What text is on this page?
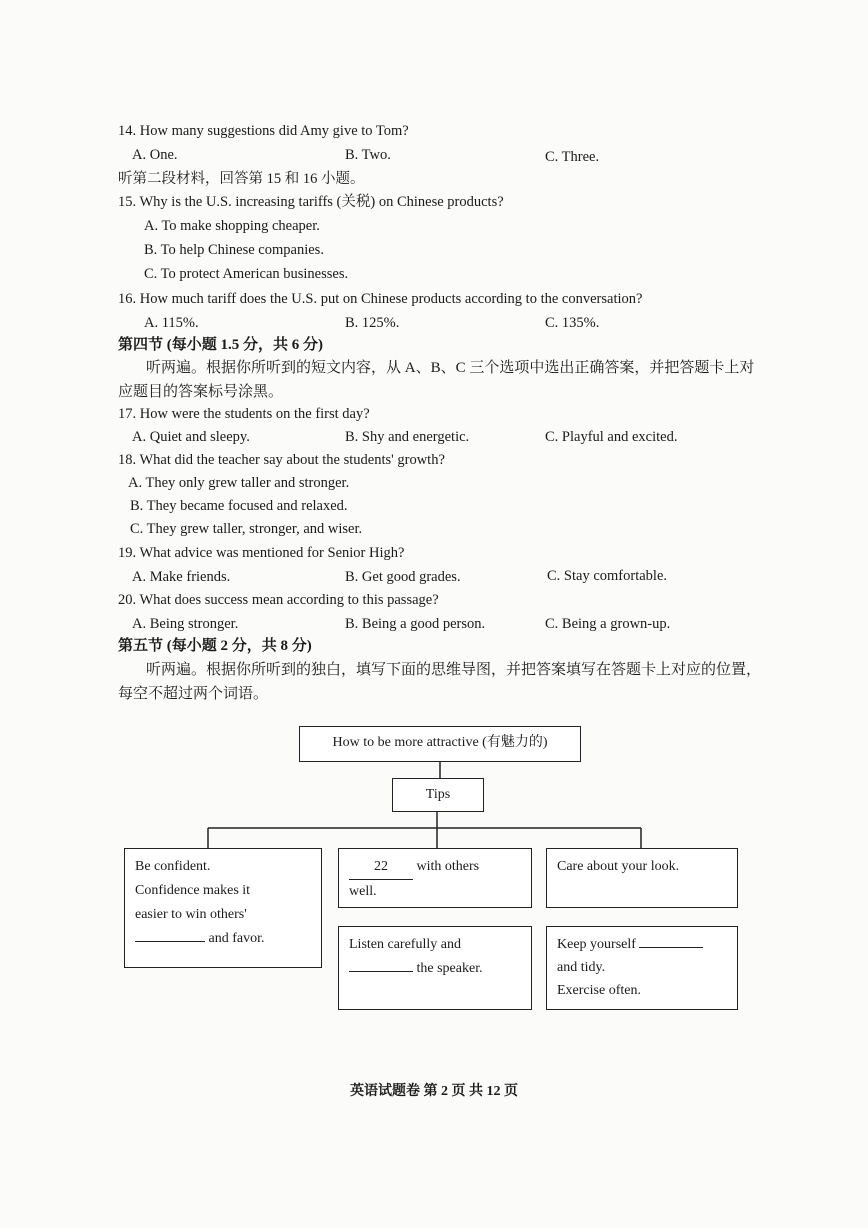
14. How many suggestions did Amy give to Tom?
A. One.	B. Two.	C. Three.
听第二段材料，回答第 15 和 16 小题。
15. Why is the U.S. increasing tariffs (关税) on Chinese products?
A. To make shopping cheaper.
B. To help Chinese companies.
C. To protect American businesses.
16. How much tariff does the U.S. put on Chinese products according to the conversation?
A. 115%.	B. 125%.	C. 135%.
第四节 (每小题 1.5 分，共 6 分)
听两遍。根据你所听到的短文内容，从 A、B、C 三个选项中选出正确答案，并把答题卡上对应题目的答案标号涂黑。
17. How were the students on the first day?
A. Quiet and sleepy.	B. Shy and energetic.	C. Playful and excited.
18. What did the teacher say about the students' growth?
A. They only grew taller and stronger.
B. They became focused and relaxed.
C. They grew taller, stronger, and wiser.
19. What advice was mentioned for Senior High?
A. Make friends.	B. Get good grades.	C. Stay comfortable.
20. What does success mean according to this passage?
A. Being stronger.	B. Being a good person.	C. Being a grown-up.
第五节 (每小题 2 分，共 8 分)
听两遍。根据你所听到的独白，填写下面的思维导图，并把答案填写在答题卡上对应的位置，每空不超过两个词语。
How to be more attractive (有魅力的)
Tips
Be confident.
Confidence makes it
easier to win others'
and favor.
22 with others
well.
Care about your look.
Listen carefully and
the speaker.
Keep yourself
and tidy.
Exercise often.
英语试题卷 第 2 页 共 12 页
